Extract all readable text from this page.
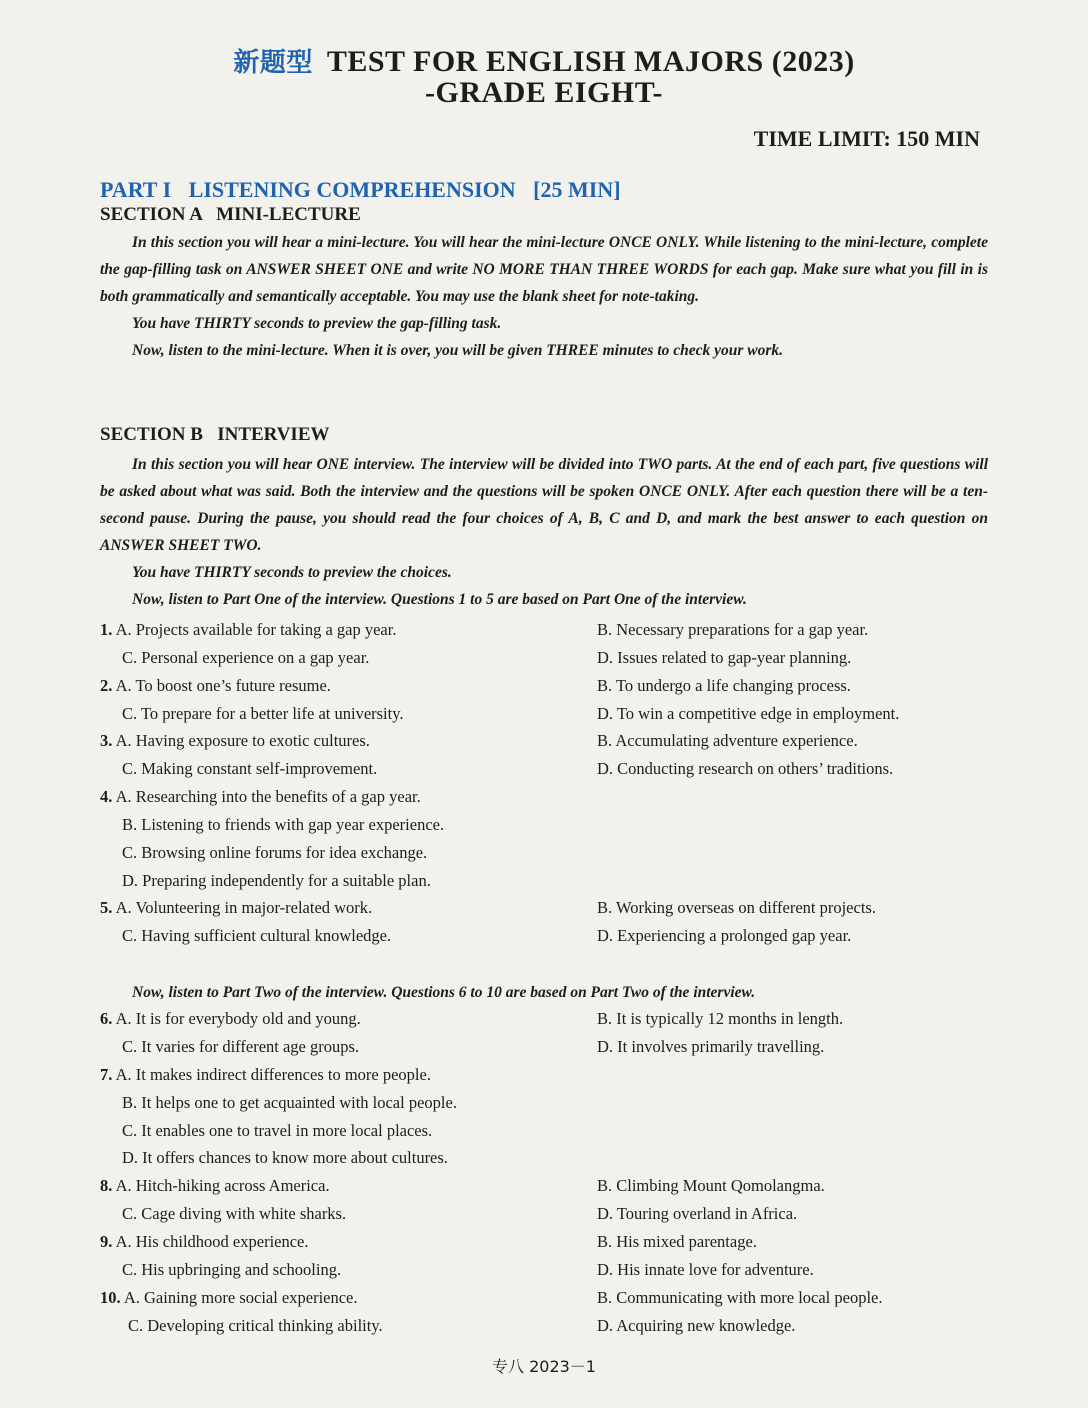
新题型 TEST FOR ENGLISH MAJORS (2023)
-GRADE EIGHT-
TIME LIMIT: 150 MIN
PART I LISTENING COMPREHENSION [25 MIN]
SECTION A   MINI-LECTURE

In this section you will hear a mini-lecture. You will hear the mini-lecture ONCE ONLY. While listening to the mini-lecture, complete the gap-filling task on ANSWER SHEET ONE and write NO MORE THAN THREE WORDS for each gap. Make sure what you fill in is both grammatically and semantically acceptable. You may use the blank sheet for note-taking.

You have THIRTY seconds to preview the gap-filling task.

Now, listen to the mini-lecture. When it is over, you will be given THREE minutes to check your work.

SECTION B   INTERVIEW

In this section you will hear ONE interview. The interview will be divided into TWO parts. At the end of each part, five questions will be asked about what was said. Both the interview and the questions will be spoken ONCE ONLY. After each question there will be a ten-second pause. During the pause, you should read the four choices of A, B, C and D, and mark the best answer to each question on ANSWER SHEET TWO.

You have THIRTY seconds to preview the choices.

Now, listen to Part One of the interview. Questions 1 to 5 are based on Part One of the interview.

1. A. Projects available for taking a gap year.	B. Necessary preparations for a gap year.
C. Personal experience on a gap year.	D. Issues related to gap-year planning.
2. A. To boost one’s future resume.	B. To undergo a life changing process.
C. To prepare for a better life at university.	D. To win a competitive edge in employment.
3. A. Having exposure to exotic cultures.	B. Accumulating adventure experience.
C. Making constant self-improvement.	D. Conducting research on others’ traditions.
4. A. Researching into the benefits of a gap year.
B. Listening to friends with gap year experience.
C. Browsing online forums for idea exchange.
D. Preparing independently for a suitable plan.
5. A. Volunteering in major-related work.	B. Working overseas on different projects.
C. Having sufficient cultural knowledge.	D. Experiencing a prolonged gap year.

Now, listen to Part Two of the interview. Questions 6 to 10 are based on Part Two of the interview.

6. A. It is for everybody old and young.	B. It is typically 12 months in length.
C. It varies for different age groups.	D. It involves primarily travelling.
7. A. It makes indirect differences to more people.
B. It helps one to get acquainted with local people.
C. It enables one to travel in more local places.
D. It offers chances to know more about cultures.
8. A. Hitch-hiking across America.	B. Climbing Mount Qomolangma.
C. Cage diving with white sharks.	D. Touring overland in Africa.
9. A. His childhood experience.	B. His mixed parentage.
C. His upbringing and schooling.	D. His innate love for adventure.
10. A. Gaining more social experience.	B. Communicating with more local people.
C. Developing critical thinking ability.	D. Acquiring new knowledge.
专八 2023－1
